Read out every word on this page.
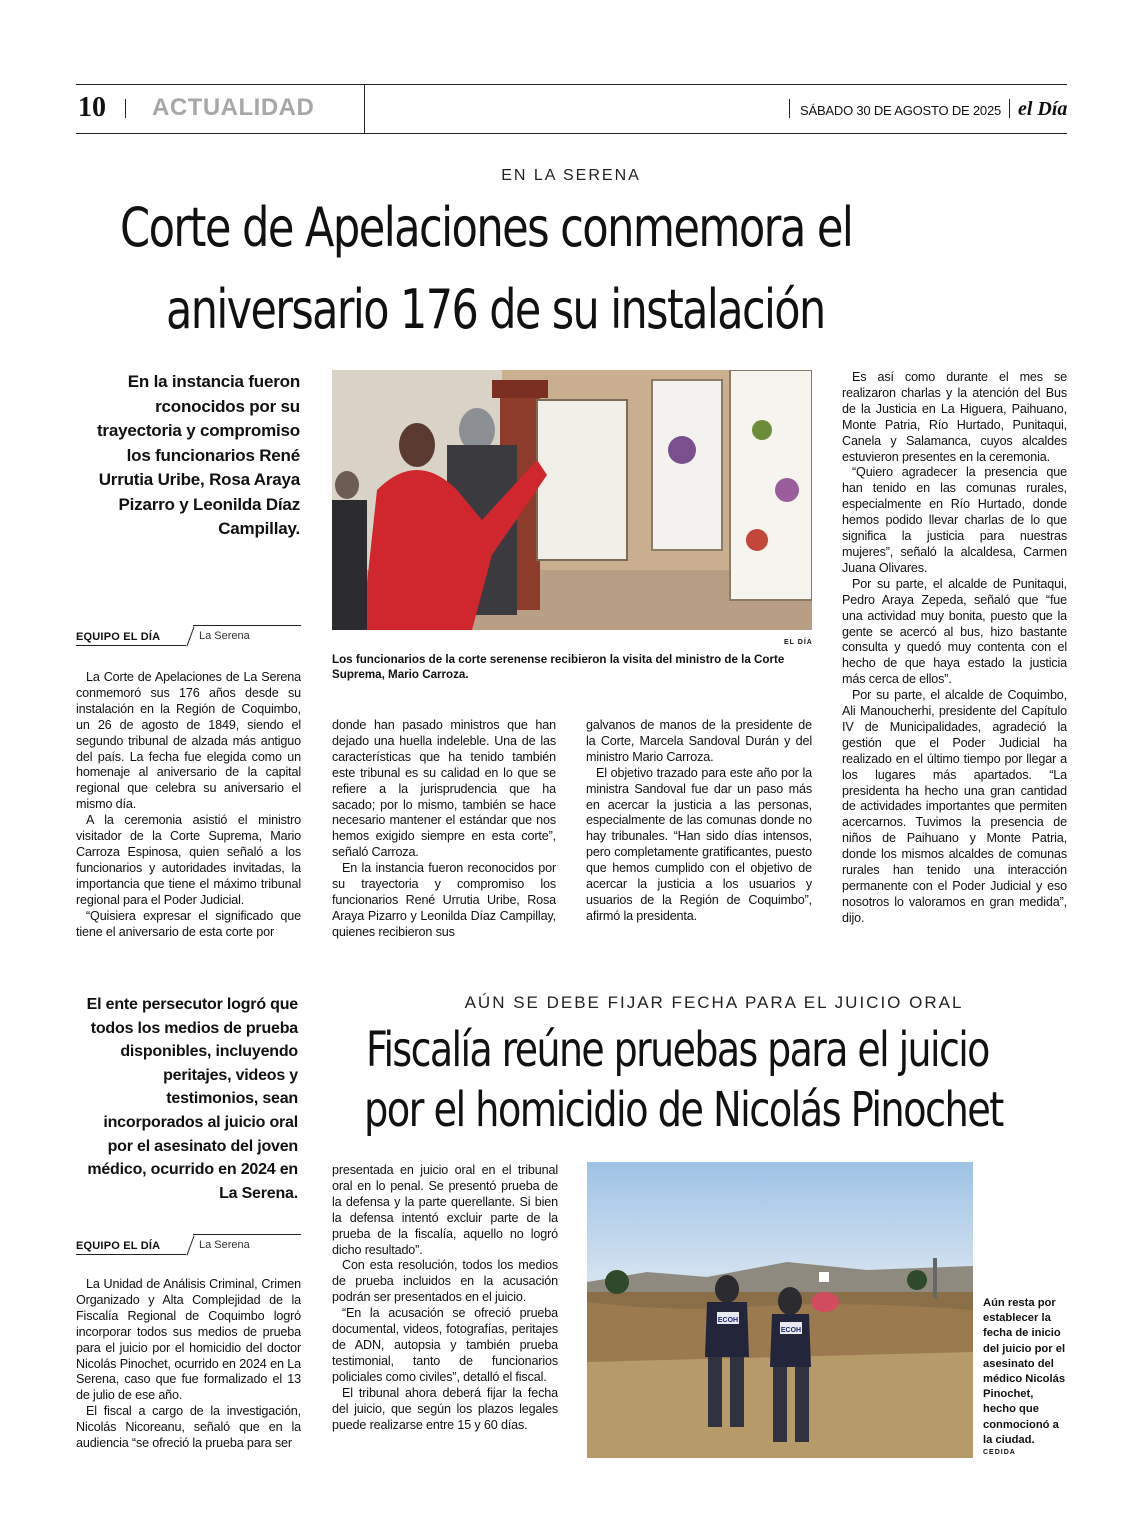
10 ACTUALIDAD	SÁBADO 30 DE AGOSTO DE 2025 el Día
EN LA SERENA
Corte de Apelaciones conmemora el
aniversario 176 de su instalación
En la instancia fueron rconocidos por su trayectoria y compromiso los funcionarios René Urrutia Uribe, Rosa Araya Pizarro y Leonilda Díaz Campillay.
EQUIPO EL DÍA	La Serena
EL DÍA
Los funcionarios de la corte serenense recibieron la visita del ministro de la Corte Suprema, Mario Carroza.

La Corte de Apelaciones de La Serena conmemoró sus 176 años desde su instalación en la Región de Coquimbo, un 26 de agosto de 1849, siendo el segundo tribunal de alzada más antiguo del país. La fecha fue elegida como un homenaje al aniversario de la capital regional que celebra su aniversario el mismo día.

A la ceremonia asistió el ministro visitador de la Corte Suprema, Mario Carroza Espinosa, quien señaló a los funcionarios y autoridades invitadas, la importancia que tiene el máximo tribunal regional para el Poder Judicial.

“Quisiera expresar el significado que tiene el aniversario de esta corte por

donde han pasado ministros que han dejado una huella indeleble. Una de las características que ha tenido también este tribunal es su calidad en lo que se refiere a la jurisprudencia que ha sacado; por lo mismo, también se hace necesario mantener el estándar que nos hemos exigido siempre en esta corte”, señaló Carroza.

En la instancia fueron reconocidos por su trayectoria y compromiso los funcionarios René Urrutia Uribe, Rosa Araya Pizarro y Leonilda Díaz Campillay, quienes recibieron sus

galvanos de manos de la presidente de la Corte, Marcela Sandoval Durán y del ministro Mario Carroza.

El objetivo trazado para este año por la ministra Sandoval fue dar un paso más en acercar la justicia a las personas, especialmente de las comunas donde no hay tribunales. “Han sido días intensos, pero completamente gratificantes, puesto que hemos cumplido con el objetivo de acercar la justicia a los usuarios y usuarios de la Región de Coquimbo”, afirmó la presidenta.

Es así como durante el mes se realizaron charlas y la atención del Bus de la Justicia en La Higuera, Paihuano, Monte Patria, Río Hurtado, Punitaqui, Canela y Salamanca, cuyos alcaldes estuvieron presentes en la ceremonia.

“Quiero agradecer la presencia que han tenido en las comunas rurales, especialmente en Río Hurtado, donde hemos podido llevar charlas de lo que significa la justicia para nuestras mujeres”, señaló la alcaldesa, Carmen Juana Olivares.

Por su parte, el alcalde de Punitaqui, Pedro Araya Zepeda, señaló que “fue una actividad muy bonita, puesto que la gente se acercó al bus, hizo bastante consulta y quedó muy contenta con el hecho de que haya estado la justicia más cerca de ellos”.

Por su parte, el alcalde de Coquimbo, Ali Manoucherhi, presidente del Capítulo IV de Municipalidades, agradeció la gestión que el Poder Judicial ha realizado en el último tiempo por llegar a los lugares más apartados. “La presidenta ha hecho una gran cantidad de actividades importantes que permiten acercarnos. Tuvimos la presencia de niños de Paihuano y Monte Patria, donde los mismos alcaldes de comunas rurales han tenido una interacción permanente con el Poder Judicial y eso nosotros lo valoramos en gran medida”, dijo.

AÚN SE DEBE FIJAR FECHA PARA EL JUICIO ORAL
Fiscalía reúne pruebas para el juicio
por el homicidio de Nicolás Pinochet
El ente persecutor logró que todos los medios de prueba disponibles, incluyendo peritajes, videos y testimonios, sean incorporados al juicio oral por el asesinato del joven médico, ocurrido en 2024 en La Serena.
EQUIPO EL DÍA	La Serena

La Unidad de Análisis Criminal, Crimen Organizado y Alta Complejidad de la Fiscalía Regional de Coquimbo logró incorporar todos sus medios de prueba para el juicio por el homicidio del doctor Nicolás Pinochet, ocurrido en 2024 en La Serena, caso que fue formalizado el 13 de julio de ese año.

El fiscal a cargo de la investigación, Nicolás Nicoreanu, señaló que en la audiencia “se ofreció la prueba para ser

presentada en juicio oral en el tribunal oral en lo penal. Se presentó prueba de la defensa y la parte querellante. Si bien la defensa intentó excluir parte de la prueba de la fiscalía, aquello no logró dicho resultado”.

Con esta resolución, todos los medios de prueba incluidos en la acusación podrán ser presentados en el juicio.

“En la acusación se ofreció prueba documental, videos, fotografías, peritajes de ADN, autopsia y también prueba testimonial, tanto de funcionarios policiales como civiles”, detalló el fiscal.

El tribunal ahora deberá fijar la fecha del juicio, que según los plazos legales puede realizarse entre 15 y 60 días.

ECOH
ECOH
Aún resta por establecer la fecha de inicio del juicio por el asesinato del médico Nicolás Pinochet, hecho que conmocionó a la ciudad.
CEDIDA
